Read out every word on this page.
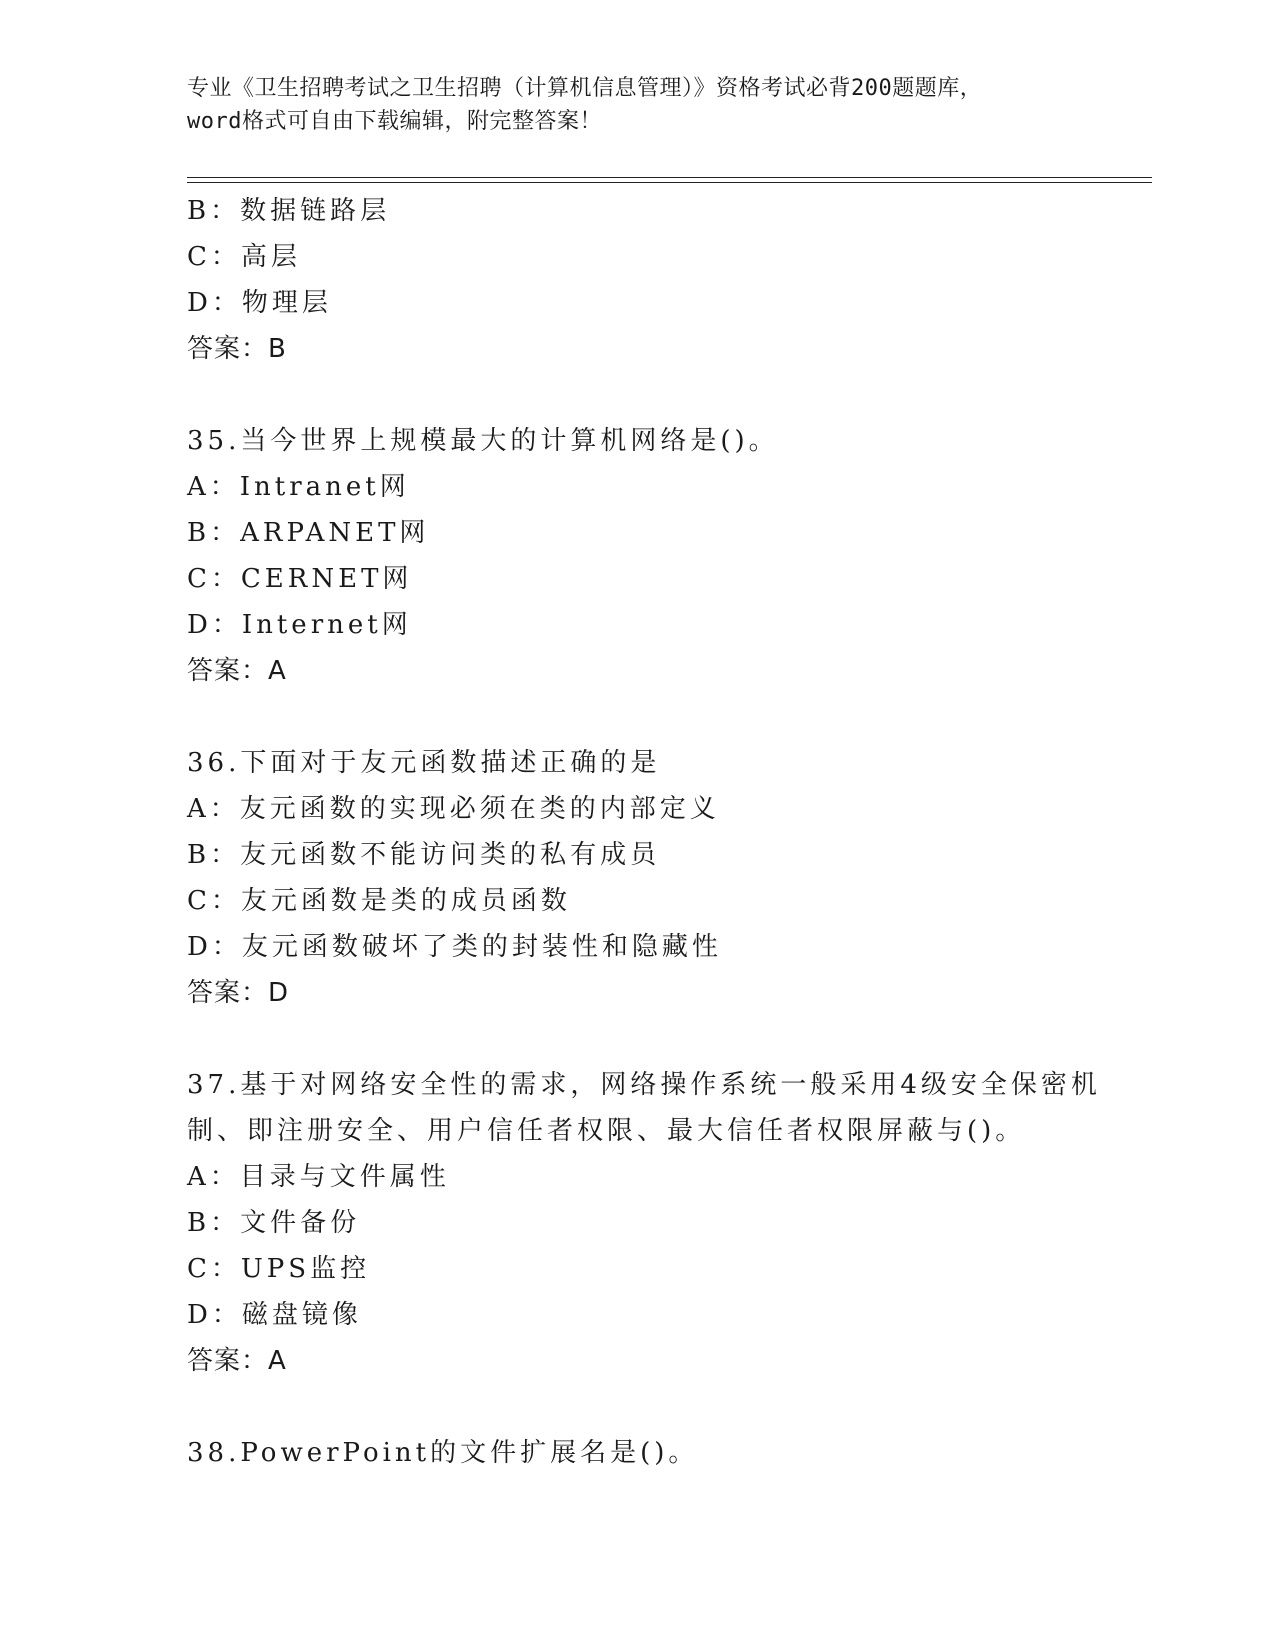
专业《卫生招聘考试之卫生招聘（计算机信息管理）》资格考试必背200题题库，
word格式可自由下载编辑，附完整答案！
B：数据链路层
C：高层
D：物理层
答案：B
35.当今世界上规模最大的计算机网络是()。
A：Intranet网
B：ARPANET网
C：CERNET网
D：Internet网
答案：A
36.下面对于友元函数描述正确的是
A：友元函数的实现必须在类的内部定义
B：友元函数不能访问类的私有成员
C：友元函数是类的成员函数
D：友元函数破坏了类的封装性和隐藏性
答案：D
37.基于对网络安全性的需求，网络操作系统一般采用4级安全保密机
制、即注册安全、用户信任者权限、最大信任者权限屏蔽与()。
A：目录与文件属性
B：文件备份
C：UPS监控
D：磁盘镜像
答案：A
38.PowerPoint的文件扩展名是()。
